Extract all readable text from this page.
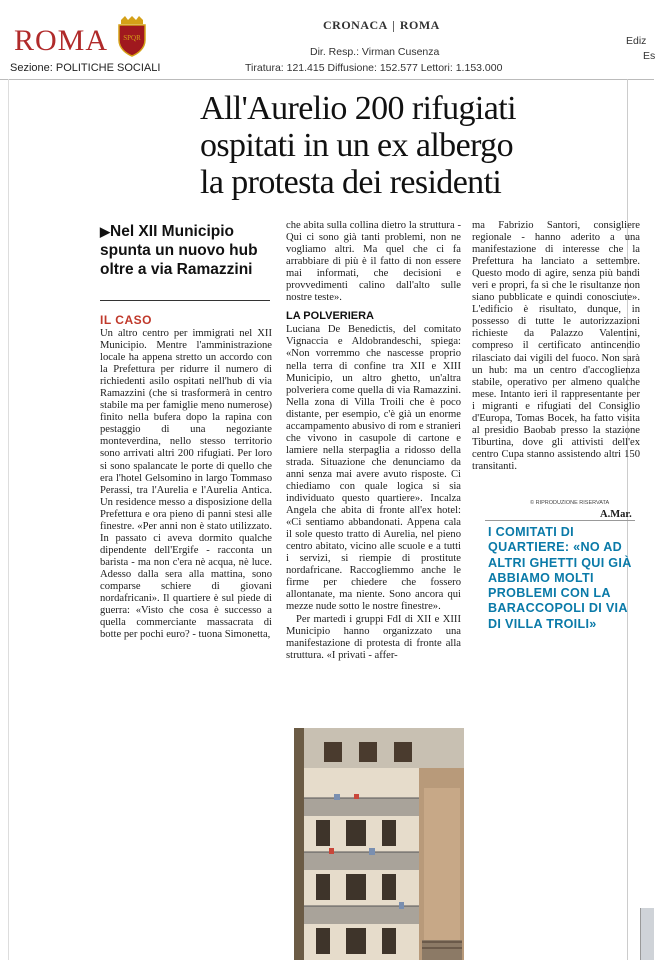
ROMA SPQR
Sezione: POLITICHE SOCIALI
CRONACA ROMA
Dir. Resp.: Virman Cusenza
Tiratura: 121.415 Diffusione: 152.577 Lettori: 1.153.000
Ediz
Es
All'Aurelio 200 rifugiati
ospitati in un ex albergo
la protesta dei residenti
▶Nel XII Municipio spunta un nuovo hub oltre a via Ramazzini
IL CASO

Un altro centro per immigrati nel XII Municipio. Mentre l'amministrazione locale ha appena stretto un accordo con la Prefettura per ridurre il numero di richiedenti asilo ospitati nell'hub di via Ramazzini (che si trasformerà in centro stabile ma per famiglie meno numerose) finito nella bufera dopo la rapina con pestaggio di una negoziante monteverdina, nello stesso territorio sono arrivati altri 200 rifugiati. Per loro si sono spalancate le porte di quello che era l'hotel Gelsomino in largo Tommaso Perassi, tra l'Aurelia e l'Aurelia Antica. Un residence messo a disposizione della Prefettura e ora pieno di panni stesi alle finestre. «Per anni non è stato utilizzato. In passato ci aveva dormito qualche dipendente dell'Ergife - racconta un barista - ma non c'era nè acqua, nè luce. Adesso dalla sera alla mattina, sono comparse schiere di giovani nordafricani». Il quartiere è sul piede di guerra: «Visto che cosa è successo a quella commerciante massacrata di botte per pochi euro? - tuona Simonetta,

che abita sulla collina dietro la struttura - Qui ci sono già tanti problemi, non ne vogliamo altri. Ma quel che ci fa arrabbiare di più è il fatto di non essere mai informati, che decisioni e provvedimenti calino dall'alto sulle nostre teste».

LA POLVERIERA

Luciana De Benedictis, del comitato Vignaccia e Aldobrandeschi, spiega: «Non vorremmo che nascesse proprio nella terra di confine tra XII e XIII Municipio, un altro ghetto, un'altra polveriera come quella di via Ramazzini. Nella zona di Villa Troili che è poco distante, per esempio, c'è già un enorme accampamento abusivo di rom e stranieri che vivono in casupole di cartone e lamiere nella sterpaglia a ridosso della strada. Situazione che denunciamo da anni senza mai avere avuto risposte. Ci chiediamo con quale logica si sia individuato questo quartiere». Incalza Angela che abita di fronte all'ex hotel: «Ci sentiamo abbandonati. Appena cala il sole questo tratto di Aurelia, nel pieno centro abitato, vicino alle scuole e a tutti i servizi, si riempie di prostitute nordafricane. Raccogliemmo anche le firme per chiedere che fossero allontanate, ma niente. Sono ancora qui mezze nude sotto le nostre finestre».

Per martedì i gruppi FdI di XII e XIII Municipio hanno organizzato una manifestazione di protesta di fronte alla struttura. «I privati - affer-

ma Fabrizio Santori, consigliere regionale - hanno aderito a una manifestazione di interesse che la Prefettura ha lanciato a settembre. Questo modo di agire, senza più bandi veri e propri, fa sì che le risultanze non siano pubblicate e quindi conosciute». L'edificio è risultato, dunque, in possesso di tutte le autorizzazioni richieste da Palazzo Valentini, compreso il certificato antincendio rilasciato dai vigili del fuoco. Non sarà un hub: ma un centro d'accoglienza stabile, operativo per almeno qualche mese. Intanto ieri il rappresentante per i migranti e rifugiati del Consiglio d'Europa, Tomas Bocek, ha fatto visita al presidio Baobab presso la stazione Tiburtina, dove gli attivisti dell'ex centro Cupa stanno assistendo altri 150 transitanti.

© RIPRODUZIONE RISERVATA
A.Mar.
I COMITATI DI QUARTIERE: «NO AD ALTRI GHETTI QUI GIÀ ABBIAMO MOLTI PROBLEMI CON LA BARACCOPOLI DI VIA DI VILLA TROILI»
